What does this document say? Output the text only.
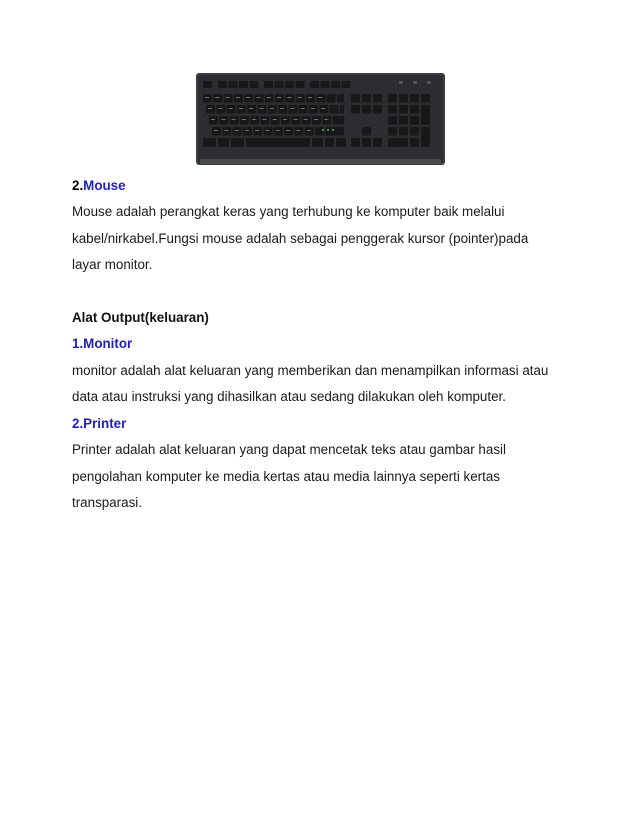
2.Mouse
Mouse adalah perangkat keras yang terhubung ke komputer baik melalui
kabel/nirkabel.Fungsi mouse adalah sebagai penggerak kursor (pointer)pada
layar monitor.
Alat Output(keluaran)
1.Monitor
monitor adalah alat keluaran yang memberikan dan menampilkan informasi atau
data atau instruksi yang dihasilkan atau sedang dilakukan oleh komputer.
2.Printer
Printer adalah alat keluaran yang dapat mencetak teks atau gambar hasil
pengolahan komputer ke media kertas atau media lainnya seperti kertas
transparasi.
